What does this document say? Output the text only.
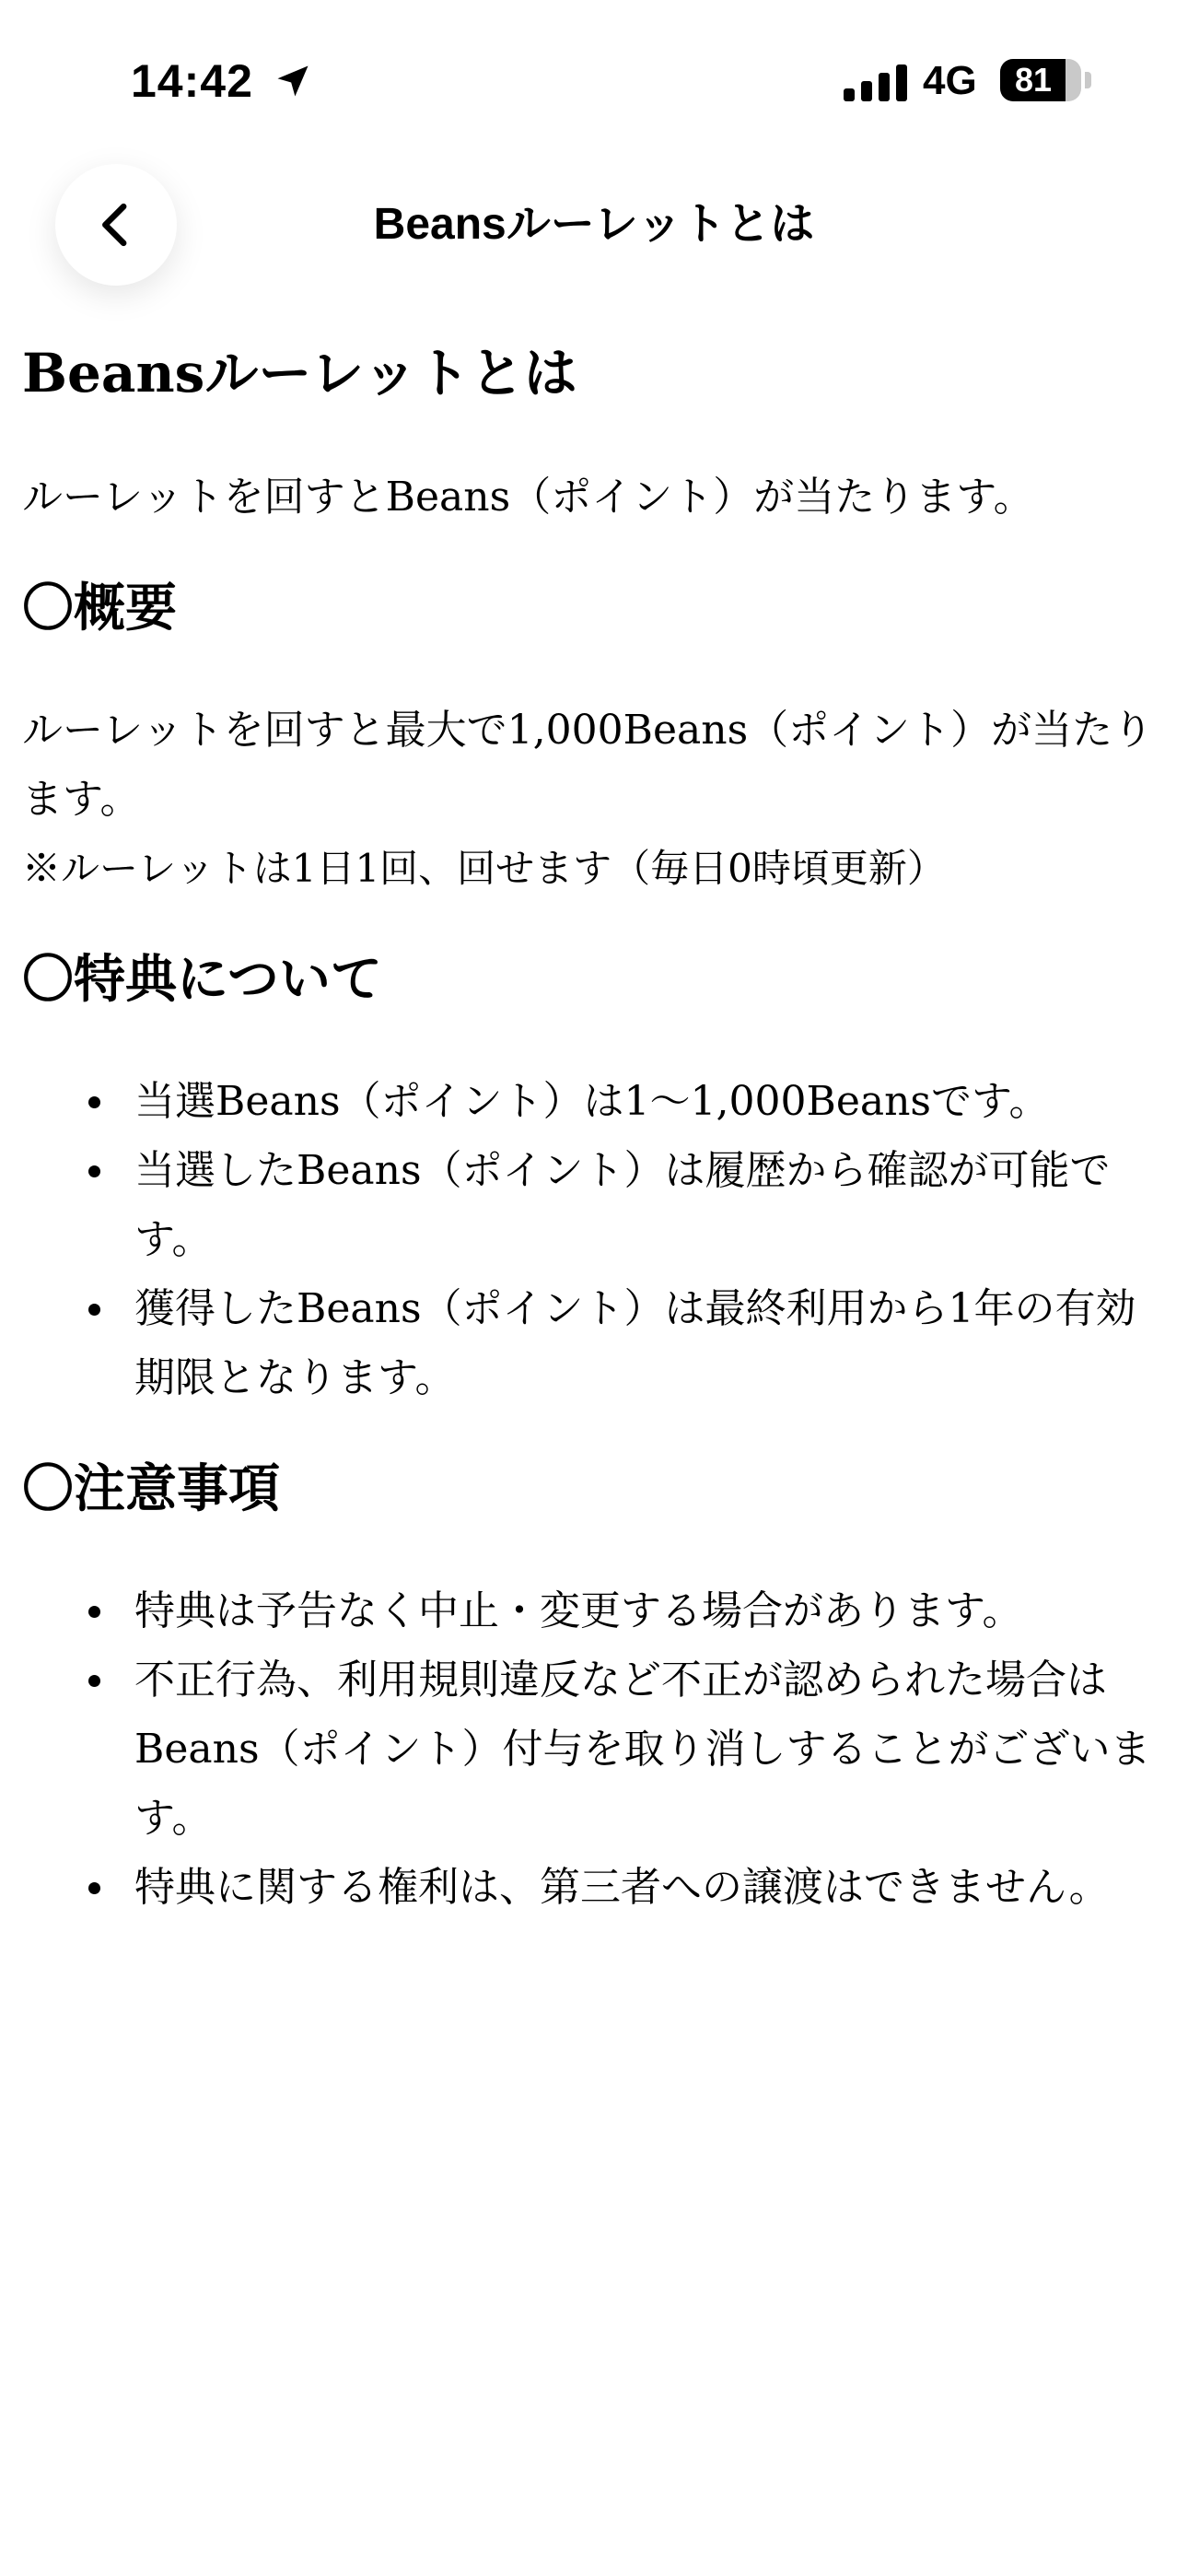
14:42	4G	81
Beansルーレットとは
Beansルーレットとは

ルーレットを回すとBeans（ポイント）が当たります。

〇概要

ルーレットを回すと最大で1,000Beans（ポイント）が当たります。

※ルーレットは1日1回、回せます（毎日0時頃更新）

〇特典について
当選Beans（ポイント）は1〜1,000Beansです。
当選したBeans（ポイント）は履歴から確認が可能です。
獲得したBeans（ポイント）は最終利用から1年の有効期限となります。
〇注意事項
特典は予告なく中止・変更する場合があります。
不正行為、利用規則違反など不正が認められた場合はBeans（ポイント）付与を取り消しすることがございます。
特典に関する権利は、第三者への譲渡はできません。
